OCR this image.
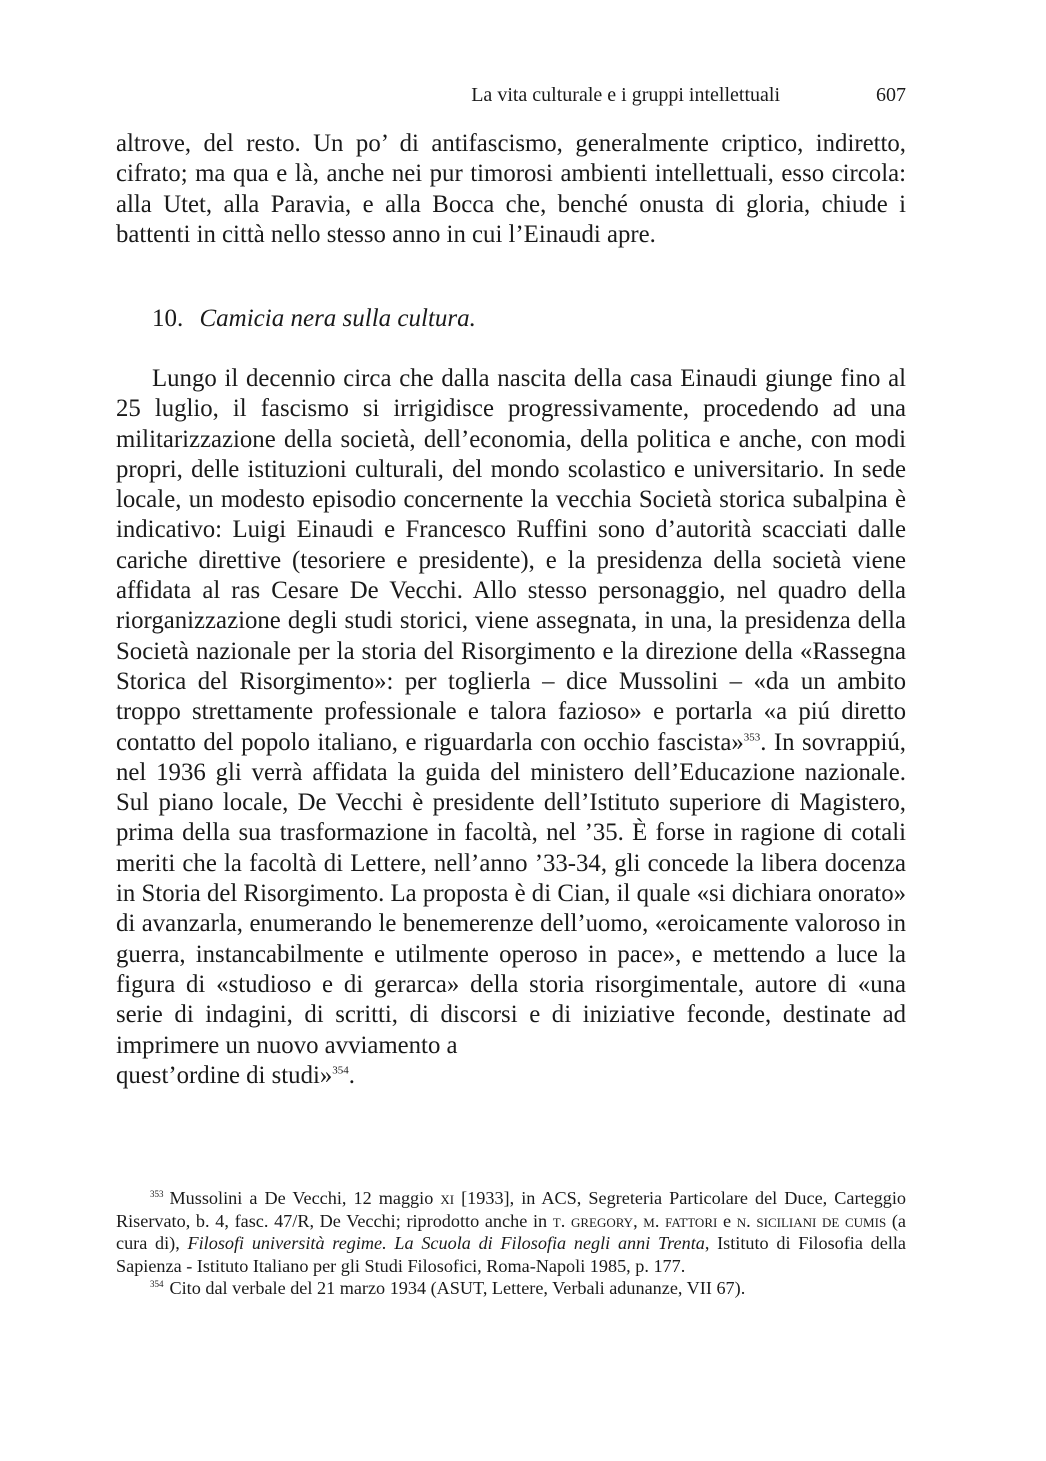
La vita culturale e i gruppi intellettuali	607
altrove, del resto. Un po’ di antifascismo, generalmente criptico, indiretto, cifrato; ma qua e là, anche nei pur timorosi ambienti intellettuali, esso circola: alla Utet, alla Paravia, e alla Bocca che, benché onusta di gloria, chiude i battenti in città nello stesso anno in cui l’Einaudi apre.
10. Camicia nera sulla cultura.
Lungo il decennio circa che dalla nascita della casa Einaudi giunge fino al 25 luglio, il fascismo si irrigidisce progressivamente, procedendo ad una militarizzazione della società, dell’economia, della politica e anche, con modi propri, delle istituzioni culturali, del mondo scolastico e universitario. In sede locale, un modesto episodio concernente la vecchia Società storica subalpina è indicativo: Luigi Einaudi e Francesco Ruffini sono d’autorità scacciati dalle cariche direttive (tesoriere e presidente), e la presidenza della società viene affidata al ras Cesare De Vecchi. Allo stesso personaggio, nel quadro della riorganizzazione degli studi storici, viene assegnata, in una, la presidenza della Società nazionale per la storia del Risorgimento e la direzione della «Rassegna Storica del Risorgimento»: per toglierla – dice Mussolini – «da un ambito troppo strettamente professionale e talora fazioso» e portarla «a piú diretto contatto del popolo italiano, e riguardarla con occhio fascista»$^{353}$. In sovrappiú, nel 1936 gli verrà affidata la guida del ministero dell’Educazione nazionale. Sul piano locale, De Vecchi è presidente dell’Istituto superiore di Magistero, prima della sua trasformazione in facoltà, nel ’35. È forse in ragione di cotali meriti che la facoltà di Lettere, nell’anno ’33-34, gli concede la libera docenza in Storia del Risorgimento. La proposta è di Cian, il quale «si dichiara onorato» di avanzarla, enumerando le benemerenze dell’uomo, «eroicamente valoroso in guerra, instancabilmente e utilmente operoso in pace», e mettendo a luce la figura di «studioso e di gerarca» della storia risorgimentale, autore di «una serie di indagini, di scritti, di discorsi e di iniziative feconde, destinate ad imprimere un nuovo avviamento a
quest’ordine di studi»$^{354}$.

$^{353}$ Mussolini a De Vecchi, 12 maggio xi [1933], in ACS, Segreteria Particolare del Duce, Carteggio Riservato, b. 4, fasc. 47/R, De Vecchi; riprodotto anche in t. gregory, m. fattori e n. siciliani de cumis (a cura di), Filosofi università regime. La Scuola di Filosofia negli anni Trenta, Istituto di Filosofia della Sapienza - Istituto Italiano per gli Studi Filosofici, Roma-Napoli 1985, p. 177.

$^{354}$ Cito dal verbale del 21 marzo 1934 (ASUT, Lettere, Verbali adunanze, VII 67).
